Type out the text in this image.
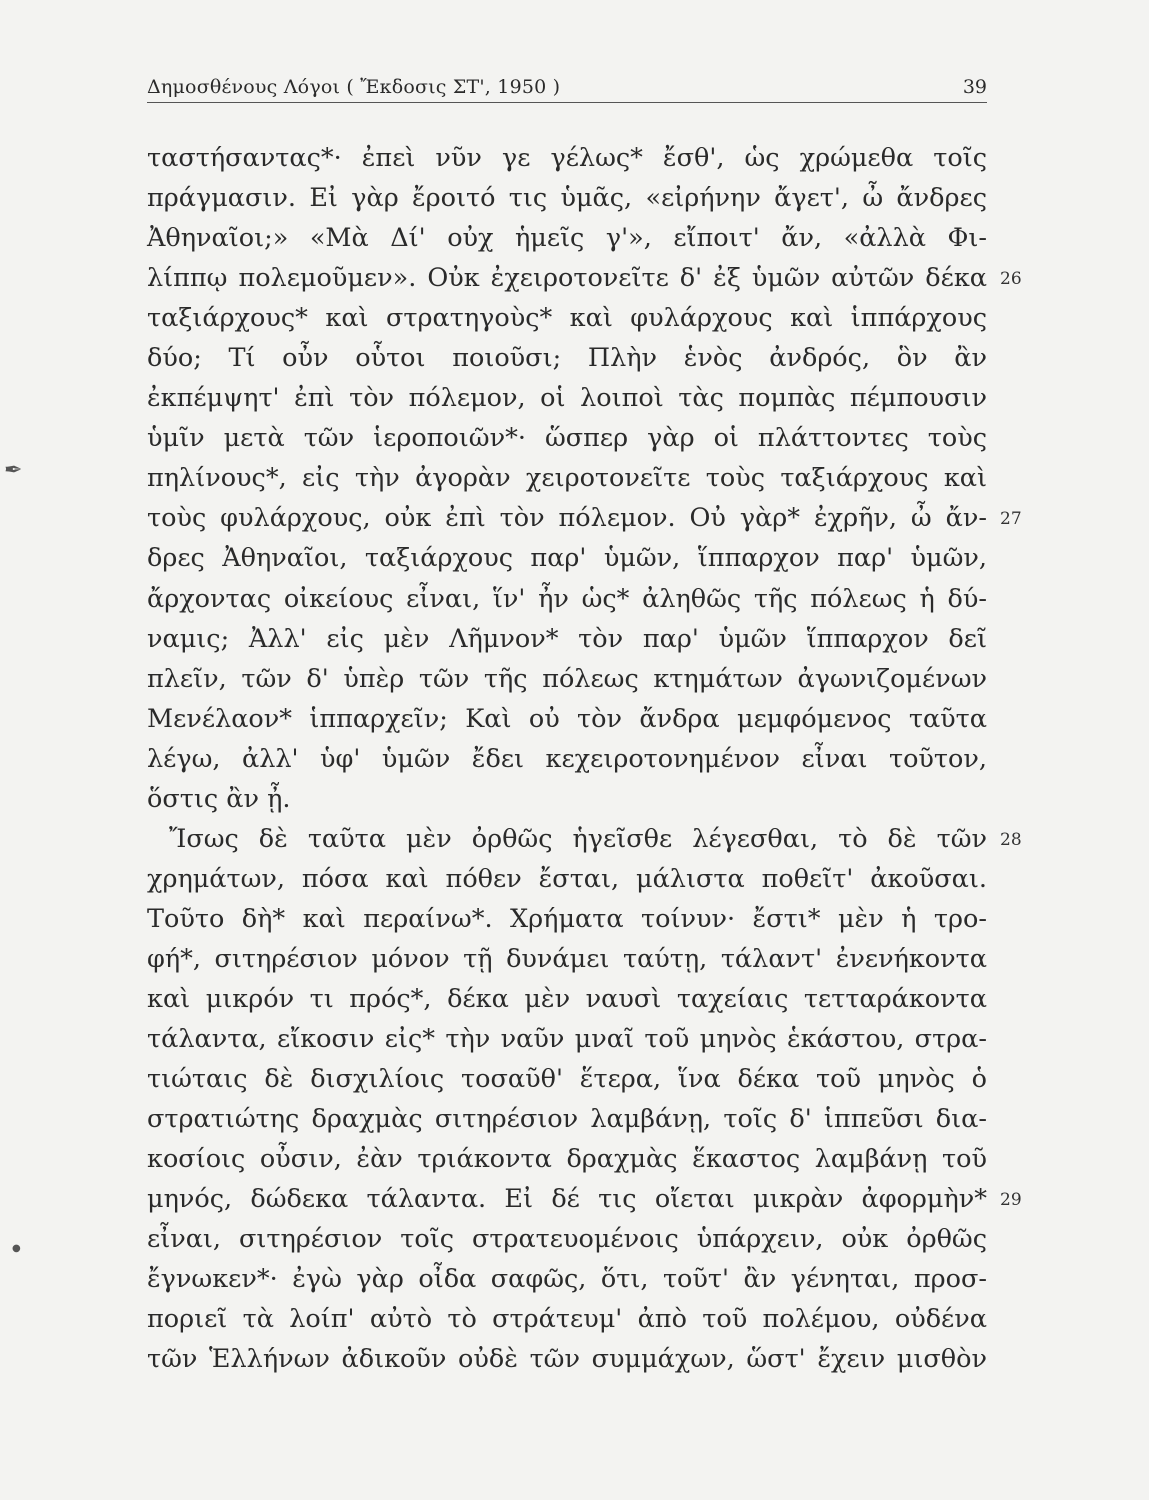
Δημοσθένους Λόγοι ( Ἔκδοσις ΣΤ', 1950 )	39
ταστήσαντας*· ἐπεὶ νῦν γε γέλως* ἔσθ', ὡς χρώμεθα τοῖς
πράγμασιν. Εἰ γὰρ ἔροιτό τις ὑμᾶς, «εἰρήνην ἄγετ', ὦ ἄνδρες
Ἀθηναῖοι;» «Μὰ Δί' οὐχ ἡμεῖς γ'», εἴποιτ' ἄν, «ἀλλὰ Φι-
λίππῳ πολεμοῦμεν». Οὐκ ἐχειροτονεῖτε δ' ἐξ ὑμῶν αὐτῶν δέκα 26
ταξιάρχους* καὶ στρατηγοὺς* καὶ φυλάρχους καὶ ἱππάρχους
δύο; Τί οὖν οὗτοι ποιοῦσι; Πλὴν ἑνὸς ἀνδρός, ὃν ἂν
ἐκπέμψητ' ἐπὶ τὸν πόλεμον, οἱ λοιποὶ τὰς πομπὰς πέμπουσιν
ὑμῖν μετὰ τῶν ἱεροποιῶν*· ὥσπερ γὰρ οἱ πλάττοντες τοὺς
πηλίνους*, εἰς τὴν ἀγορὰν χειροτονεῖτε τοὺς ταξιάρχους καὶ
τοὺς φυλάρχους, οὐκ ἐπὶ τὸν πόλεμον. Οὐ γὰρ* ἐχρῆν, ὦ ἄν- 27
δρες Ἀθηναῖοι, ταξιάρχους παρ' ὑμῶν, ἵππαρχον παρ' ὑμῶν,
ἄρχοντας οἰκείους εἶναι, ἵν' ἦν ὡς* ἀληθῶς τῆς πόλεως ἡ δύ-
ναμις; Ἀλλ' εἰς μὲν Λῆμνον* τὸν παρ' ὑμῶν ἵππαρχον δεῖ
πλεῖν, τῶν δ' ὑπὲρ τῶν τῆς πόλεως κτημάτων ἀγωνιζομένων
Μενέλαον* ἱππαρχεῖν; Καὶ οὐ τὸν ἄνδρα μεμφόμενος ταῦτα
λέγω, ἀλλ' ὑφ' ὑμῶν ἔδει κεχειροτονημένον εἶναι τοῦτον,
ὅστις ἂν ᾖ.
Ἴσως δὲ ταῦτα μὲν ὀρθῶς ἡγεῖσθε λέγεσθαι, τὸ δὲ τῶν 28
χρημάτων, πόσα καὶ πόθεν ἔσται, μάλιστα ποθεῖτ' ἀκοῦσαι.
Τοῦτο δὴ* καὶ περαίνω*. Χρήματα τοίνυν· ἔστι* μὲν ἡ τρο-
φή*, σιτηρέσιον μόνον τῇ δυνάμει ταύτῃ, τάλαντ' ἐνενήκοντα
καὶ μικρόν τι πρός*, δέκα μὲν ναυσὶ ταχείαις τετταράκοντα
τάλαντα, εἴκοσιν εἰς* τὴν ναῦν μναῖ τοῦ μηνὸς ἑκάστου, στρα-
τιώταις δὲ δισχιλίοις τοσαῦθ' ἕτερα, ἵνα δέκα τοῦ μηνὸς ὁ
στρατιώτης δραχμὰς σιτηρέσιον λαμβάνῃ, τοῖς δ' ἱππεῦσι δια-
κοσίοις οὖσιν, ἐὰν τριάκοντα δραχμὰς ἕκαστος λαμβάνῃ τοῦ
μηνός, δώδεκα τάλαντα. Εἰ δέ τις οἴεται μικρὰν ἀφορμὴν* 29
εἶναι, σιτηρέσιον τοῖς στρατευομένοις ὑπάρχειν, οὐκ ὀρθῶς
ἔγνωκεν*· ἐγὼ γὰρ οἶδα σαφῶς, ὅτι, τοῦτ' ἂν γένηται, προσ-
ποριεῖ τὰ λοίπ' αὐτὸ τὸ στράτευμ' ἀπὸ τοῦ πολέμου, οὐδένα
τῶν Ἑλλήνων ἀδικοῦν οὐδὲ τῶν συμμάχων, ὥστ' ἔχειν μισθὸν
✒
●
